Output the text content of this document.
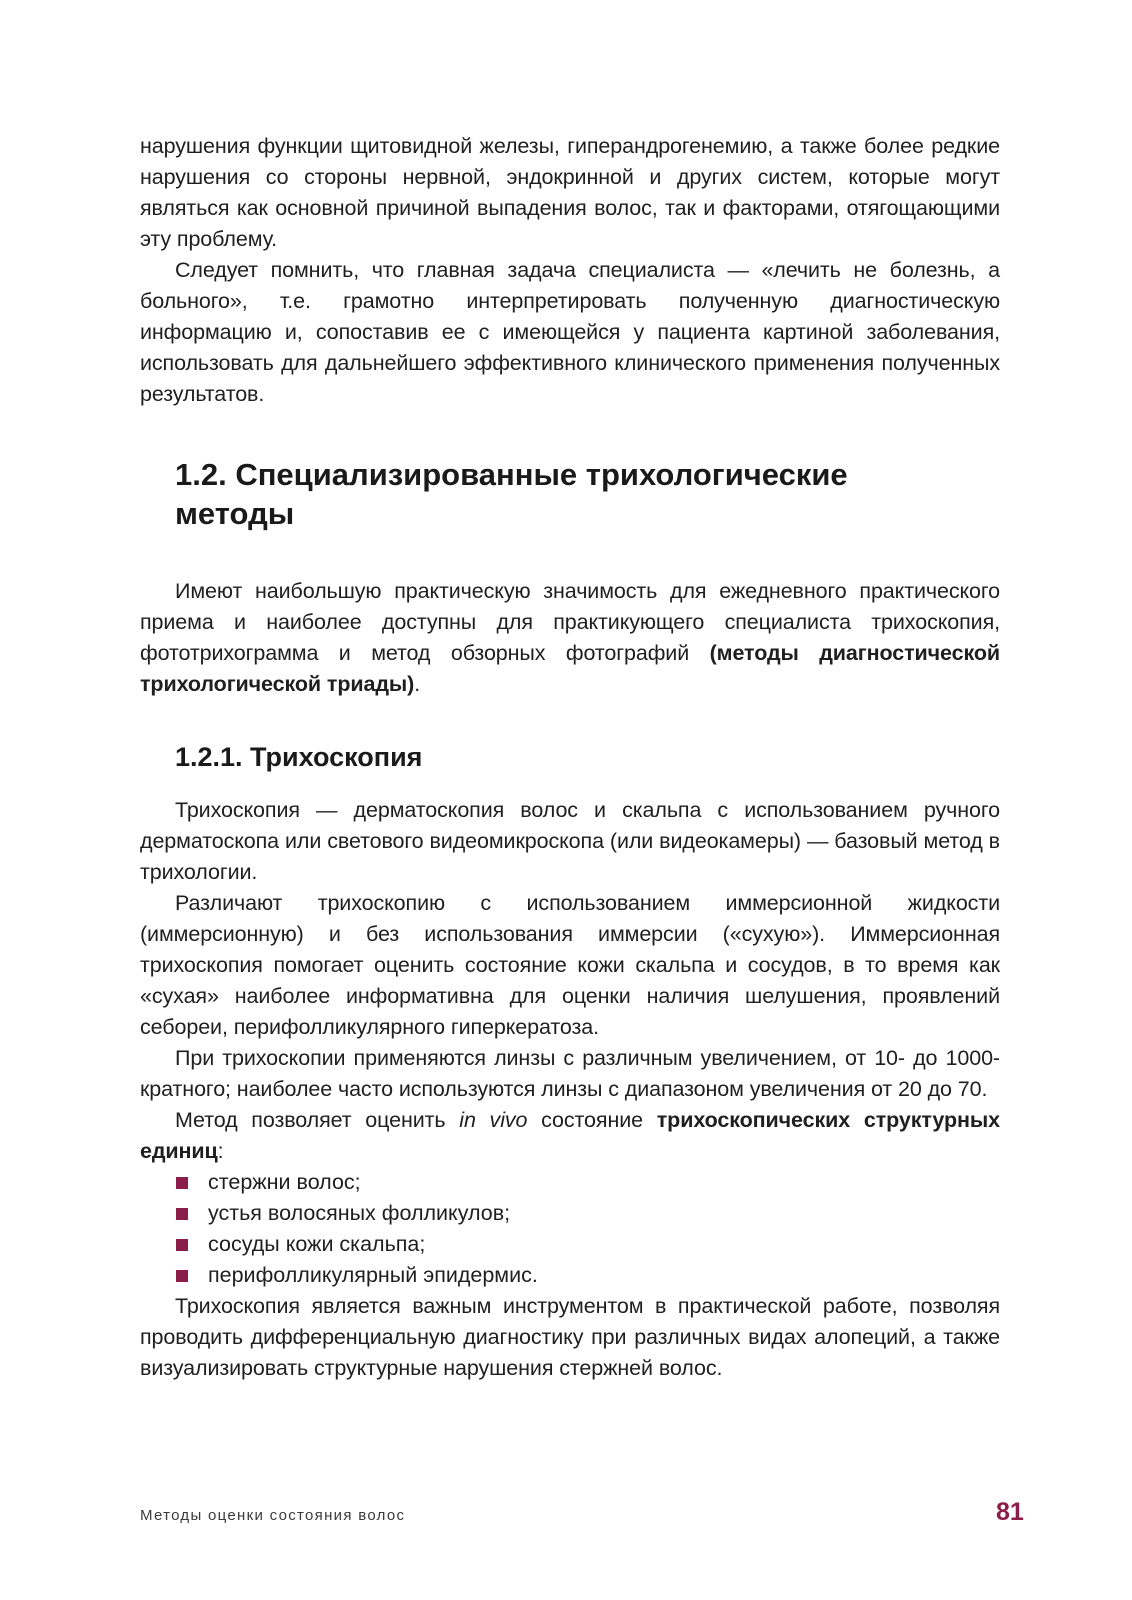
нарушения функции щитовидной железы, гиперандрогенемию, а также более редкие нарушения со стороны нервной, эндокринной и других систем, которые могут являться как основной причиной выпадения волос, так и факторами, отягощающими эту проблему.

Следует помнить, что главная задача специалиста — «лечить не болезнь, а больного», т.е. грамотно интерпретировать полученную диагностическую информацию и, сопоставив ее с имеющейся у пациента картиной заболевания, использовать для дальнейшего эффективного клинического применения полученных результатов.

1.2. Специализированные трихологические
методы

Имеют наибольшую практическую значимость для ежедневного практического приема и наиболее доступны для практикующего специалиста трихоскопия, фототрихограмма и метод обзорных фотографий (методы диагностической трихологической триады).

1.2.1. Трихоскопия

Трихоскопия — дерматоскопия волос и скальпа с использованием ручного дерматоскопа или светового видеомикроскопа (или видеокамеры) — базовый метод в трихологии.

Различают трихоскопию с использованием иммерсионной жидкости (иммерсионную) и без использования иммерсии («сухую»). Иммерсионная трихоскопия помогает оценить состояние кожи скальпа и сосудов, в то время как «сухая» наиболее информативна для оценки наличия шелушения, проявлений себореи, перифолликулярного гиперкератоза.

При трихоскопии применяются линзы с различным увеличением, от 10- до 1000-кратного; наиболее часто используются линзы с диапазоном увеличения от 20 до 70.

Метод позволяет оценить in vivo состояние трихоскопических структурных единиц:

стержни волос;
устья волосяных фолликулов;
сосуды кожи скальпа;
перифолликулярный эпидермис.

Трихоскопия является важным инструментом в практической работе, позволяя проводить дифференциальную диагностику при различных видах алопеций, а также визуализировать структурные нарушения стержней волос.

Методы оценки состояния волос	81
